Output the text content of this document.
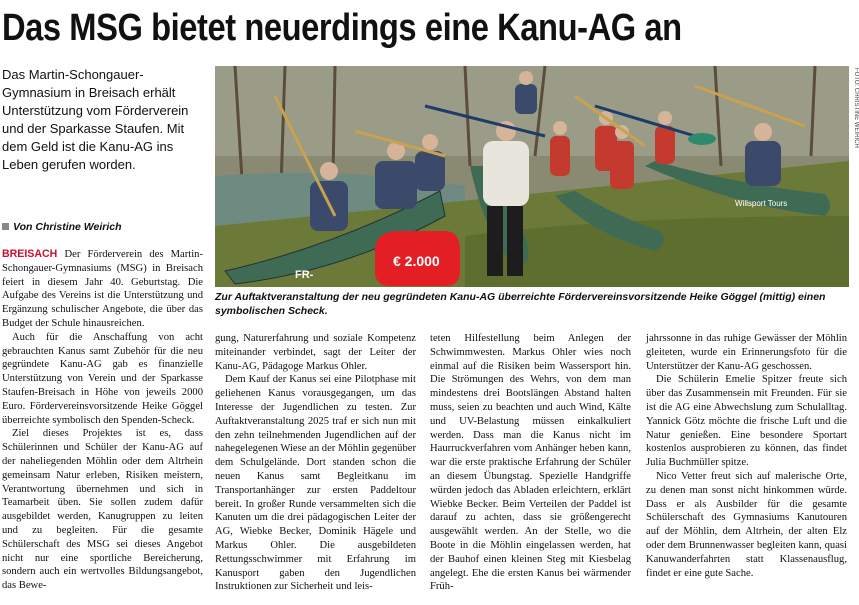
Das MSG bietet neuerdings eine Kanu-AG an

Das Martin-Schongauer-Gymnasium in Breisach erhält Unterstützung vom Förderverein und der Sparkasse Staufen. Mit dem Geld ist die Kanu-AG ins Leben gerufen worden.

Von Christine Weirich

Willsport Tours
FR-
€ 2.000

FOTO: CHRISTINE WEIRICH

Zur Auftaktveranstaltung der neu gegründeten Kanu-AG überreichte Fördervereinsvorsitzende Heike Göggel (mittig) einen symbolischen Scheck.

BREISACH Der Förderverein des Martin-Schongauer-Gymnasiums (MSG) in Breisach feiert in diesem Jahr 40. Geburtstag. Die Aufgabe des Vereins ist die Unterstützung und Ergänzung schulischer Angebote, die über das Budget der Schule hinausreichen.

Auch für die Anschaffung von acht gebrauchten Kanus samt Zubehör für die neu gegründete Kanu-AG gab es finanzielle Unterstützung von Verein und der Sparkasse Staufen-Breisach in Höhe von jeweils 2000 Euro. Fördervereinsvorsitzende Heike Göggel überreichte symbolisch den Spenden-Scheck.

Ziel dieses Projektes ist es, dass Schülerinnen und Schüler der Kanu-AG auf der naheliegenden Möhlin oder dem Altrhein gemeinsam Natur erleben, Risiken meistern, Verantwortung übernehmen und sich in Teamarbeit üben. Sie sollen zudem dafür ausgebildet werden, Kanugruppen zu leiten und zu begleiten. Für die gesamte Schülerschaft des MSG sei dieses Angebot nicht nur eine sportliche Bereicherung, sondern auch ein wertvolles Bildungsangebot, das Bewe-

gung, Naturerfahrung und soziale Kompetenz miteinander verbindet, sagt der Leiter der Kanu-AG, Pädagoge Markus Ohler.

Dem Kauf der Kanus sei eine Pilotphase mit geliehenen Kanus vorausgegangen, um das Interesse der Jugendlichen zu testen. Zur Auftaktveranstaltung 2025 traf er sich nun mit den zehn teilnehmenden Jugendlichen auf der nahegelegenen Wiese an der Möhlin gegenüber dem Schulgelände. Dort standen schon die neuen Kanus samt Begleitkanu im Transportanhänger zur ersten Paddeltour bereit. In großer Runde versammelten sich die Kanuten um die drei pädagogischen Leiter der AG, Wiebke Becker, Dominik Hägele und Markus Ohler. Die ausgebildeten Rettungsschwimmer mit Erfahrung im Kanusport gaben den Jugendlichen Instruktionen zur Sicherheit und leis-

teten Hilfestellung beim Anlegen der Schwimmwesten. Markus Ohler wies noch einmal auf die Risiken beim Wassersport hin. Die Strömungen des Wehrs, von dem man mindestens drei Bootslängen Abstand halten muss, seien zu beachten und auch Wind, Kälte und UV-Belastung müssen einkalkuliert werden. Dass man die Kanus nicht im Haurruckverfahren vom Anhänger heben kann, war die erste praktische Erfahrung der Schüler an diesem Übungstag. Spezielle Handgriffe würden jedoch das Abladen erleichtern, erklärt Wiebke Becker. Beim Verteilen der Paddel ist darauf zu achten, dass sie größengerecht ausgewählt werden. An der Stelle, wo die Boote in die Möhlin eingelassen werden, hat der Bauhof einen kleinen Steg mit Kiesbelag angelegt. Ehe die ersten Kanus bei wärmender Früh-

jahrssonne in das ruhige Gewässer der Möhlin gleiteten, wurde ein Erinnerungsfoto für die Unterstützer der Kanu-AG geschossen.

Die Schülerin Emelie Spitzer freute sich über das Zusammensein mit Freunden. Für sie ist die AG eine Abwechslung zum Schulalltag. Yannick Götz möchte die frische Luft und die Natur genießen. Eine besondere Sportart kostenlos ausprobieren zu können, das findet Julia Buchmüller spitze.

Nico Vetter freut sich auf malerische Orte, zu denen man sonst nicht hinkommen würde. Dass er als Ausbilder für die gesamte Schülerschaft des Gymnasiums Kanutouren auf der Möhlin, dem Altrhein, der alten Elz oder dem Brunnenwasser begleiten kann, quasi Kanuwanderfahrten statt Klassenausflug, findet er eine gute Sache.
